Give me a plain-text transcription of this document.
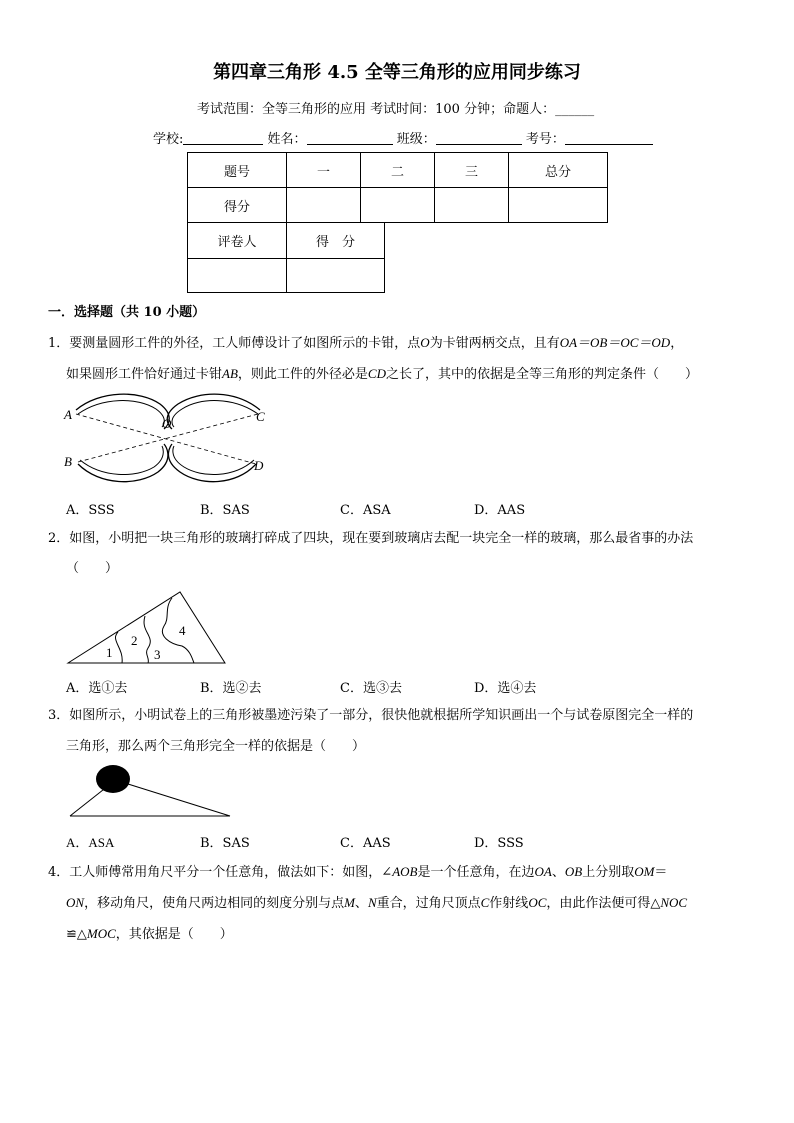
第四章三角形 4.5 全等三角形的应用同步练习
考试范围：全等三角形的应用 考试时间：100 分钟；命题人：______
学校:	姓名：	班级：	考号：
题号	一	二	三	总分
得分				
评卷人	得　分

一．选择题（共 10 小题）
1．要测量圆形工件的外径，工人师傅设计了如图所示的卡钳，点O为卡钳两柄交点，且有OA＝OB＝OC＝OD，
如果圆形工件恰好通过卡钳AB，则此工件的外径必是CD之长了，其中的依据是全等三角形的判定条件（　　）
A
B
C
D
O
A．SSS	B．SAS	C．ASA	D．AAS
2．如图，小明把一块三角形的玻璃打碎成了四块，现在要到玻璃店去配一块完全一样的玻璃，那么最省事的办法
（　　）
1
2
3
4
A．选①去	B．选②去	C．选③去	D．选④去
3．如图所示，小明试卷上的三角形被墨迹污染了一部分，很快他就根据所学知识画出一个与试卷原图完全一样的
三角形，那么两个三角形完全一样的依据是（　　）
A．ASA	B．SAS	C．AAS	D．SSS
4．工人师傅常用角尺平分一个任意角，做法如下：如图，∠AOB是一个任意角，在边OA、OB上分别取OM＝
ON，移动角尺，使角尺两边相同的刻度分别与点M、N重合，过角尺顶点C作射线OC，由此作法便可得△NOC
≌△MOC，其依据是（　　）
